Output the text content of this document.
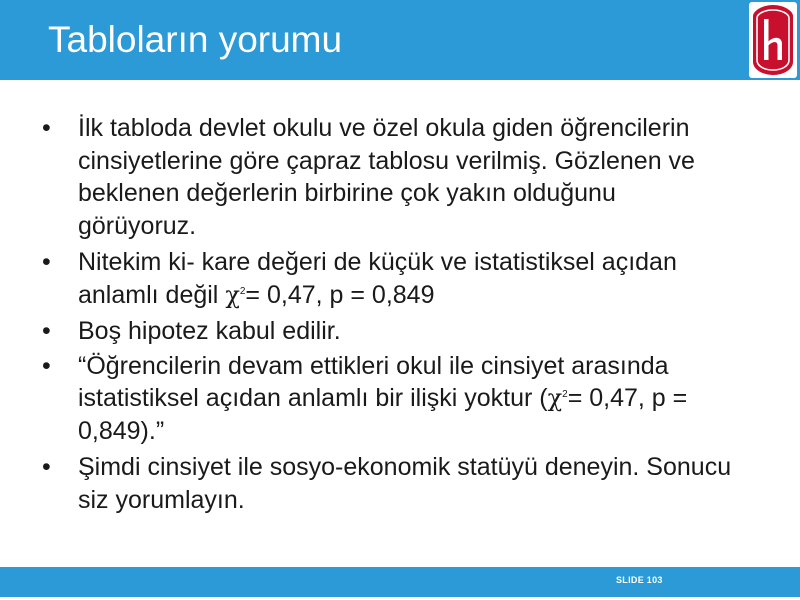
Tabloların yorumu
•	İlk tabloda devlet okulu ve özel okula giden öğrencilerin cinsiyetlerine göre çapraz tablosu verilmiş. Gözlenen ve beklenen değerlerin birbirine çok yakın olduğunu görüyoruz.
•	Nitekim ki- kare değeri de küçük ve istatistiksel açıdan anlamlı değil $\chi^2= 0,47$, p = 0,849
•	Boş hipotez kabul edilir.
•	“Öğrencilerin devam ettikleri okul ile cinsiyet arasında istatistiksel açıdan anlamlı bir ilişki yoktur ($\chi^2= 0,47$, p = 0,849).”
•	Şimdi cinsiyet ile sosyo-ekonomik statüyü deneyin. Sonucu siz yorumlayın.
SLIDE 103
